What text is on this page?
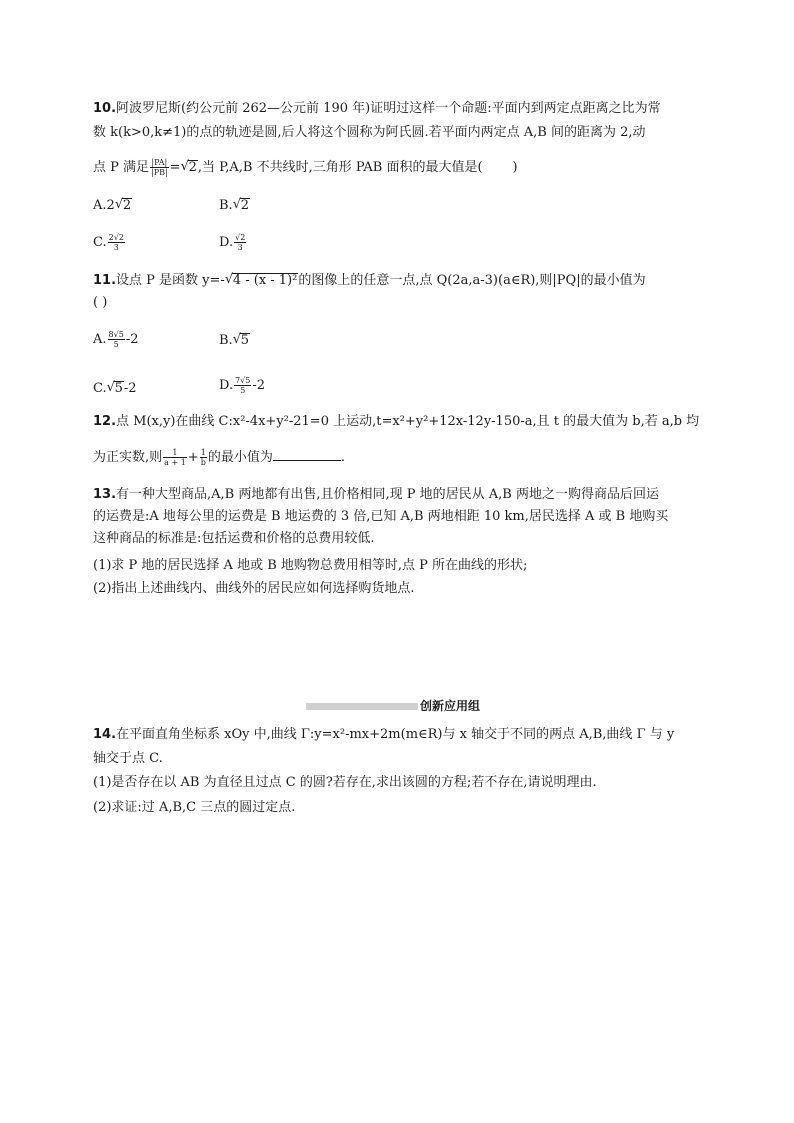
10.阿波罗尼斯(约公元前 262—公元前 190 年)证明过这样一个命题:平面内到两定点距离之比为常
数 k(k>0,k≠1)的点的轨迹是圆,后人将这个圆称为阿氏圆.若平面内两定点 A,B 间的距离为 2,动
点 P 满足 $\frac{|PA|}{|PB|}$ = √ 2,当 P,A,B 不共线时,三角形 PAB 面积的最大值是( )
A.2 √ 2	B. √ 2
C. $\frac{2√2}{3}$	D. $\frac{√2}{3}$
11.设点 P 是函数 y=- √ 4 - (x - 1)²的图像上的任意一点,点 Q(2a,a-3)(a∈R),则|PQ|的最小值为
( )
A. $\frac{8√5}{5} -2$	B. √ 5
C. √ 5-2	D. $\frac{7√5}{5} -2$
12.点 M(x,y)在曲线 C:x²-4x+y²-21=0 上运动,t=x²+y²+12x-12y-150-a,且 t 的最大值为 b,若 a,b 均
为正实数,则 $\frac{1}{a + 1} + \frac{1}{b}$ 的最小值为	.
13.有一种大型商品,A,B 两地都有出售,且价格相同,现 P 地的居民从 A,B 两地之一购得商品后回运
的运费是:A 地每公里的运费是 B 地运费的 3 倍,已知 A,B 两地相距 10 km,居民选择 A 或 B 地购买
这种商品的标准是:包括运费和价格的总费用较低.
(1)求 P 地的居民选择 A 地或 B 地购物总费用相等时,点 P 所在曲线的形状;
(2)指出上述曲线内、曲线外的居民应如何选择购货地点.
创新应用组
14.在平面直角坐标系 xOy 中,曲线 Γ:y=x²-mx+2m(m∈R)与 x 轴交于不同的两点 A,B,曲线 Γ 与 y
轴交于点 C.
(1)是否存在以 AB 为直径且过点 C 的圆?若存在,求出该圆的方程;若不存在,请说明理由.
(2)求证:过 A,B,C 三点的圆过定点.
